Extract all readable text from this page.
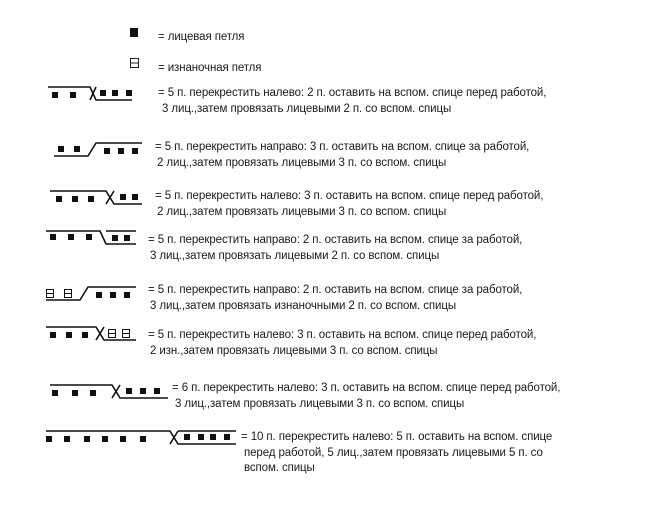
= лицевая петля
= изнаночная петля
= 5 п. перекрестить налево: 2 п. оставить на вспом. спице перед работой,
3 лиц.,затем провязать лицевыми 2 п. со вспом. спицы
= 5 п. перекрестить направо: 3 п. оставить на вспом. спице за работой,
2 лиц.,затем провязать лицевыми 3 п. со вспом. спицы
= 5 п. перекрестить налево: 3 п. оставить на вспом. спице перед работой,
2 лиц.,затем провязать лицевыми 3 п. со вспом. спицы
= 5 п. перекрестить направо: 2 п. оставить на вспом. спице за работой,
3 лиц.,затем провязать лицевыми 2 п. со вспом. спицы
= 5 п. перекрестить направо: 2 п. оставить на вспом. спице за работой,
3 лиц.,затем провязать изнаночными 2 п. со вспом. спицы
= 5 п. перекрестить налево: 3 п. оставить на вспом. спице перед работой,
2 изн.,затем провязать лицевыми 3 п. со вспом. спицы
= 6 п. перекрестить налево: 3 п. оставить на вспом. спице перед работой,
3 лиц.,затем провязать лицевыми 3 п. со вспом. спицы
= 10 п. перекрестить налево: 5 п. оставить на вспом. спице
перед работой, 5 лиц.,затем провязать лицевыми 5 п. со
вспом. спицы
